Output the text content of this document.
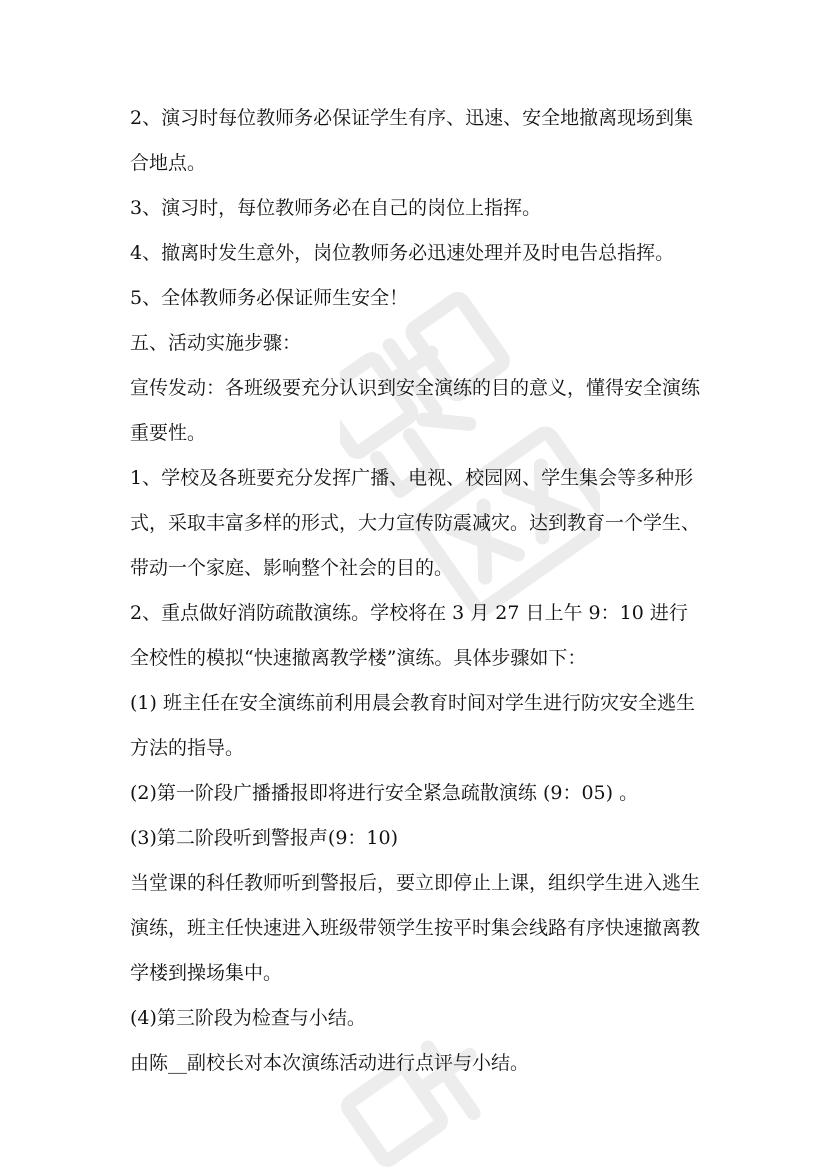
2、演习时每位教师务必保证学生有序、迅速、安全地撤离现场到集合地点。

3、演习时，每位教师务必在自己的岗位上指挥。

4、撤离时发生意外，岗位教师务必迅速处理并及时电告总指挥。

5、全体教师务必保证师生安全！

五、活动实施步骤：

宣传发动：各班级要充分认识到安全演练的目的意义，懂得安全演练重要性。

1、学校及各班要充分发挥广播、电视、校园网、学生集会等多种形式，采取丰富多样的形式，大力宣传防震减灾。达到教育一个学生、带动一个家庭、影响整个社会的目的。

2、重点做好消防疏散演练。学校将在 3 月 27 日上午 9：10 进行全校性的模拟“快速撤离教学楼”演练。具体步骤如下：

(1) 班主任在安全演练前利用晨会教育时间对学生进行防灾安全逃生方法的指导。

(2)第一阶段广播播报即将进行安全紧急疏散演练 (9：05) 。

(3)第二阶段听到警报声(9：10)

当堂课的科任教师听到警报后，要立即停止上课，组织学生进入逃生演练，班主任快速进入班级带领学生按平时集会线路有序快速撤离教学楼到操场集中。

(4)第三阶段为检查与小结。

由陈__副校长对本次演练活动进行点评与小结。
